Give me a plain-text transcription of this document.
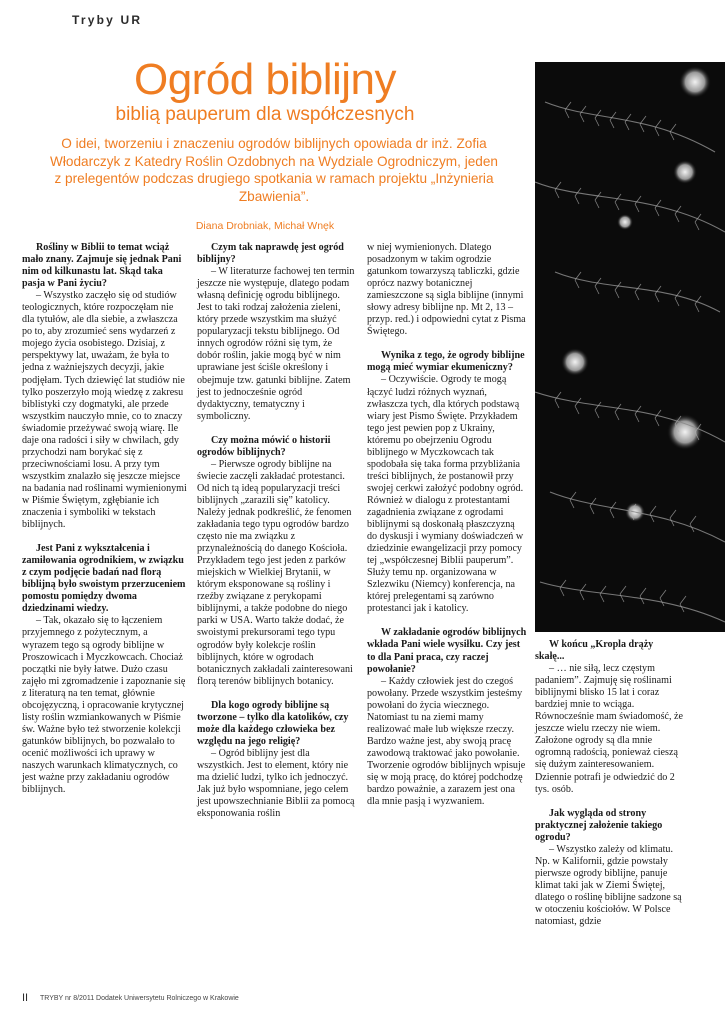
Tryby UR
Ogród biblijny
biblią pauperum dla współczesnych

O idei, tworzeniu i znaczeniu ogrodów biblijnych opowiada dr inż. Zofia Włodarczyk z Katedry Roślin Ozdobnych na Wydziale Ogrodniczym, jeden z prelegentów podczas drugiego spotkania w ramach projektu „Inżynieria Zbawienia”.

Diana Drobniak, Michał Wnęk

Rośliny w Biblii to temat wciąż mało znany. Zajmuje się jednak Pani nim od kilkunastu lat. Skąd taka pasja w Pani życiu?

– Wszystko zaczęło się od studiów teologicznych, które rozpoczęłam nie dla tytułów, ale dla siebie, a zwłaszcza po to, aby zrozumieć sens wydarzeń z mojego życia osobistego. Dzisiaj, z perspektywy lat, uważam, że była to jedna z ważniejszych decyzji, jakie podjęłam. Tych dziewięć lat studiów nie tylko poszerzyło moją wiedzę z zakresu biblistyki czy dogmatyki, ale przede wszystkim nauczyło mnie, co to znaczy świadomie przeżywać swoją wiarę. Ile daje ona radości i siły w chwilach, gdy przychodzi nam borykać się z przeciwnościami losu. A przy tym wszystkim znalazło się jeszcze miejsce na badania nad roślinami wymienionymi w Piśmie Świętym, zgłębianie ich znaczenia i symboliki w tekstach biblijnych.

Jest Pani z wykształcenia i zamiłowania ogrodnikiem, w związku z czym podjęcie badań nad florą biblijną było swoistym przerzuceniem pomostu pomiędzy dwoma dziedzinami wiedzy.

– Tak, okazało się to łączeniem przyjemnego z pożytecznym, a wyrazem tego są ogrody biblijne w Proszowicach i Myczkowcach. Chociaż początki nie były łatwe. Dużo czasu zajęło mi zgromadzenie i zapoznanie się z literaturą na ten temat, głównie obcojęzyczną, i opracowanie krytycznej listy roślin wzmiankowanych w Piśmie św. Ważne było też stworzenie kolekcji gatunków biblijnych, bo pozwalało to ocenić możliwości ich uprawy w naszych warunkach klimatycznych, co jest ważne przy zakładaniu ogrodów biblijnych.

Czym tak naprawdę jest ogród biblijny?

– W literaturze fachowej ten termin jeszcze nie występuje, dlatego podam własną definicję ogrodu biblijnego. Jest to taki rodzaj założenia zieleni, który przede wszystkim ma służyć popularyzacji tekstu biblijnego. Od innych ogrodów różni się tym, że dobór roślin, jakie mogą być w nim uprawiane jest ściśle określony i obejmuje tzw. gatunki biblijne. Zatem jest to jednocześnie ogród dydaktyczny, tematyczny i symboliczny.

Czy można mówić o historii ogrodów biblijnych?

– Pierwsze ogrody biblijne na świecie zaczęli zakładać protestanci. Od nich tą ideą popularyzacji treści biblijnych „zarazili się” katolicy. Należy jednak podkreślić, że fenomen zakładania tego typu ogrodów bardzo często nie ma związku z przynależnością do danego Kościoła. Przykładem tego jest jeden z parków miejskich w Wielkiej Brytanii, w którym eksponowane są rośliny i rzeźby związane z perykopami biblijnymi, a także podobne do niego parki w USA. Warto także dodać, że swoistymi prekursorami tego typu ogrodów były kolekcje roślin biblijnych, które w ogrodach botanicznych zakładali zainteresowani florą terenów biblijnych botanicy.

Dla kogo ogrody biblijne są tworzone – tylko dla katolików, czy może dla każdego człowieka bez względu na jego religię?

– Ogród biblijny jest dla wszystkich. Jest to element, który nie ma dzielić ludzi, tylko ich jednoczyć. Jak już było wspomniane, jego celem jest upowszechnianie Biblii za pomocą eksponowania roślin

w niej wymienionych. Dlatego posadzonym w takim ogrodzie gatunkom towarzyszą tabliczki, gdzie oprócz nazwy botanicznej zamieszczone są sigla biblijne (innymi słowy adresy biblijne np. Mt 2, 13 – przyp. red.) i odpowiedni cytat z Pisma Świętego.

Wynika z tego, że ogrody biblijne mogą mieć wymiar ekumeniczny?

– Oczywiście. Ogrody te mogą łączyć ludzi różnych wyznań, zwłaszcza tych, dla których podstawą wiary jest Pismo Święte. Przykładem tego jest pewien pop z Ukrainy, któremu po obejrzeniu Ogrodu biblijnego w Myczkowcach tak spodobała się taka forma przybliżania treści biblijnych, że postanowił przy swojej cerkwi założyć podobny ogród. Również w dialogu z protestantami zagadnienia związane z ogrodami biblijnymi są doskonałą płaszczyzną do dyskusji i wymiany doświadczeń w dziedzinie ewangelizacji przy pomocy tej „współczesnej Biblii pauperum”. Służy temu np. organizowana w Szlezwiku (Niemcy) konferencja, na której prelegentami są zarówno protestanci jak i katolicy.

W zakładanie ogrodów biblijnych wkłada Pani wiele wysiłku. Czy jest to dla Pani praca, czy raczej powołanie?

– Każdy człowiek jest do czegoś powołany. Przede wszystkim jesteśmy powołani do życia wiecznego. Natomiast tu na ziemi mamy realizować małe lub większe rzeczy. Bardzo ważne jest, aby swoją pracę zawodową traktować jako powołanie. Tworzenie ogrodów biblijnych wpisuje się w moją pracę, do której podchodzę bardzo poważnie, a zarazem jest ona dla mnie pasją i wyzwaniem.

W końcu „Kropla drąży skałę...

– … nie siłą, lecz częstym padaniem”. Zajmuję się roślinami biblijnymi blisko 15 lat i coraz bardziej mnie to wciąga. Równocześnie mam świadomość, że jeszcze wielu rzeczy nie wiem. Założone ogrody są dla mnie ogromną radością, ponieważ cieszą się dużym zainteresowaniem. Dziennie potrafi je odwiedzić do 2 tys. osób.

Jak wygląda od strony praktycznej założenie takiego ogrodu?

– Wszystko zależy od klimatu. Np. w Kalifornii, gdzie powstały pierwsze ogrody biblijne, panuje klimat taki jak w Ziemi Świętej, dlatego o roślinę biblijne sadzone są w otoczeniu kościołów. W Polsce natomiast, gdzie

II TRYBY nr 8/2011 Dodatek Uniwersytetu Rolniczego w Krakowie
